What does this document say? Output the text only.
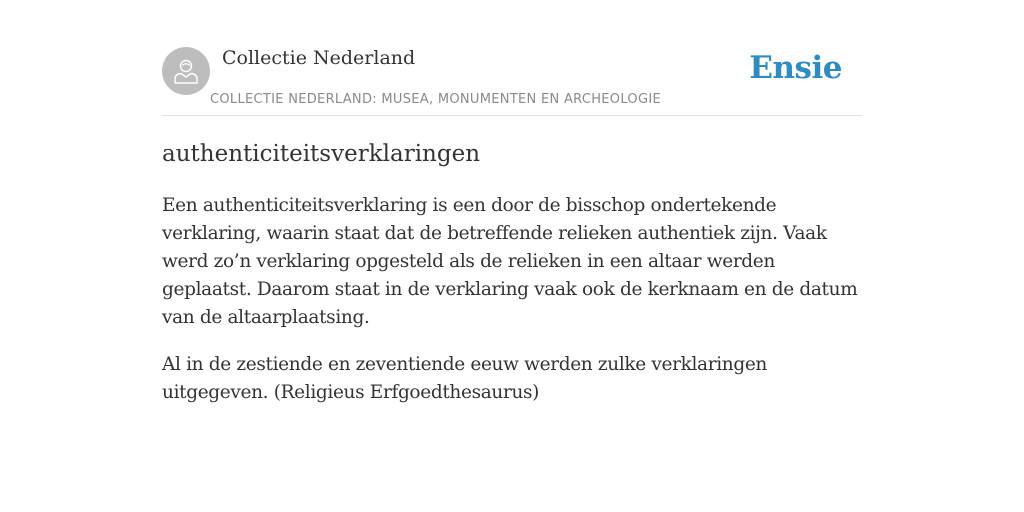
Collectie Nederland
COLLECTIE NEDERLAND: MUSEA, MONUMENTEN EN ARCHEOLOGIE
Ensie
authenticiteitsverklaringen

Een authenticiteitsverklaring is een door de bisschop ondertekende verklaring, waarin staat dat de betreffende relieken authentiek zijn. Vaak werd zo’n verklaring opgesteld als de relieken in een altaar werden geplaatst. Daarom staat in de verklaring vaak ook de kerknaam en de datum van de altaarplaatsing.

Al in de zestiende en zeventiende eeuw werden zulke verklaringen uitgegeven. (Religieus Erfgoedthesaurus)
